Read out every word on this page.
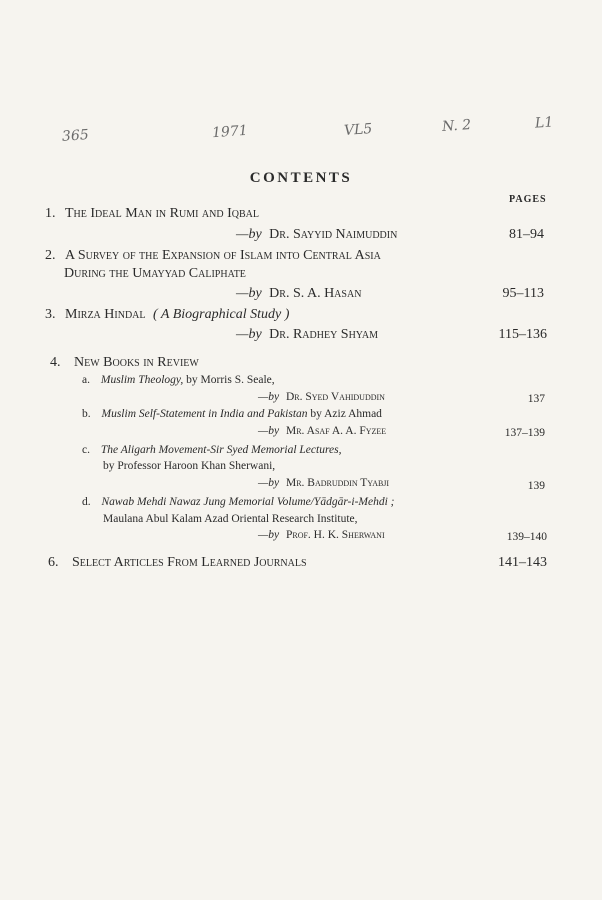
365	1971	VL5	N. 2	L1
CONTENTS
PAGES
1. The Ideal Man in Rumi and Iqbal
—by Dr. Sayyid Naimuddin	81–94
2. A Survey of the Expansion of Islam into Central Asia
During the Umayyad Caliphate
—by Dr. S. A. Hasan	95–113
3. Mirza Hindal ( A Biographical Study )
—by Dr. Radhey Shyam	115–136
4. New Books in Review
a. Muslim Theology, by Morris S. Seale,
—by Dr. Syed Vahiduddin	137
b. Muslim Self-Statement in India and Pakistan by Aziz Ahmad
—by Mr. Asaf A. A. Fyzee	137–139
c. The Aligarh Movement-Sir Syed Memorial Lectures,
by Professor Haroon Khan Sherwani,
—by Mr. Badruddin Tyabji	139
d. Nawab Mehdi Nawaz Jung Memorial Volume/Yādgār-i-Mehdi ;
Maulana Abul Kalam Azad Oriental Research Institute,
—by Prof. H. K. Sherwani	139–140
6. Select Articles From Learned Journals	141–143
